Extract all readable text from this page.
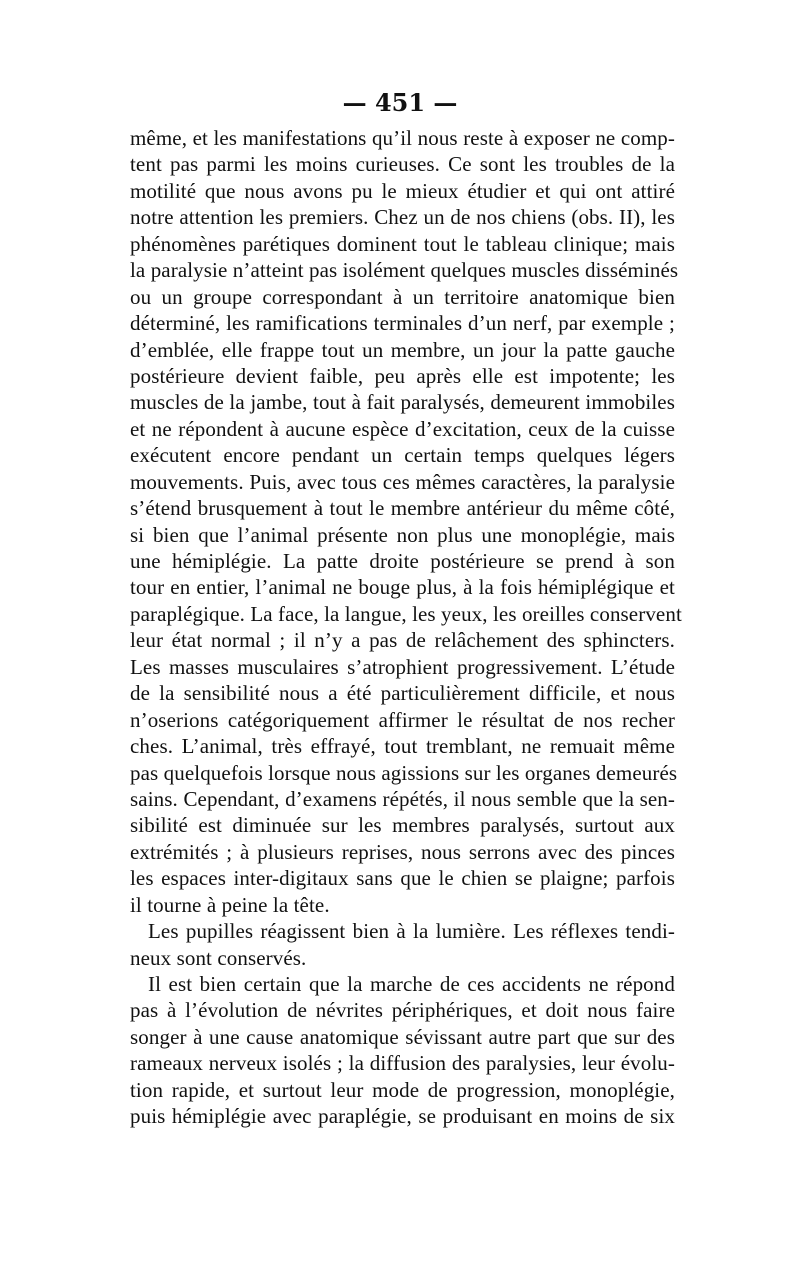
— 451 —
même, et les manifestations qu’il nous reste à exposer ne comp-
tent pas parmi les moins curieuses. Ce sont les troubles de la
motilité que nous avons pu le mieux étudier et qui ont attiré
notre attention les premiers. Chez un de nos chiens (obs. II), les
phénomènes parétiques dominent tout le tableau clinique; mais
la paralysie n’atteint pas isolément quelques muscles disséminés
ou un groupe correspondant à un territoire anatomique bien
déterminé, les ramifications terminales d’un nerf, par exemple ;
d’emblée, elle frappe tout un membre, un jour la patte gauche
postérieure devient faible, peu après elle est impotente; les
muscles de la jambe, tout à fait paralysés, demeurent immobiles
et ne répondent à aucune espèce d’excitation, ceux de la cuisse
exécutent encore pendant un certain temps quelques légers
mouvements. Puis, avec tous ces mêmes caractères, la paralysie
s’étend brusquement à tout le membre antérieur du même côté,
si bien que l’animal présente non plus une monoplégie, mais
une hémiplégie. La patte droite postérieure se prend à son
tour en entier, l’animal ne bouge plus, à la fois hémiplégique et
paraplégique. La face, la langue, les yeux, les oreilles conservent
leur état normal ; il n’y a pas de relâchement des sphincters.
Les masses musculaires s’atrophient progressivement. L’étude
de la sensibilité nous a été particulièrement difficile, et nous
n’oserions catégoriquement affirmer le résultat de nos recher
ches. L’animal, très effrayé, tout tremblant, ne remuait même
pas quelquefois lorsque nous agissions sur les organes demeurés
sains. Cependant, d’examens répétés, il nous semble que la sen-
sibilité est diminuée sur les membres paralysés, surtout aux
extrémités ; à plusieurs reprises, nous serrons avec des pinces
les espaces inter-digitaux sans que le chien se plaigne; parfois
il tourne à peine la tête.
Les pupilles réagissent bien à la lumière. Les réflexes tendi-
neux sont conservés.
Il est bien certain que la marche de ces accidents ne répond
pas à l’évolution de névrites périphériques, et doit nous faire
songer à une cause anatomique sévissant autre part que sur des
rameaux nerveux isolés ; la diffusion des paralysies, leur évolu-
tion rapide, et surtout leur mode de progression, monoplégie,
puis hémiplégie avec paraplégie, se produisant en moins de six
